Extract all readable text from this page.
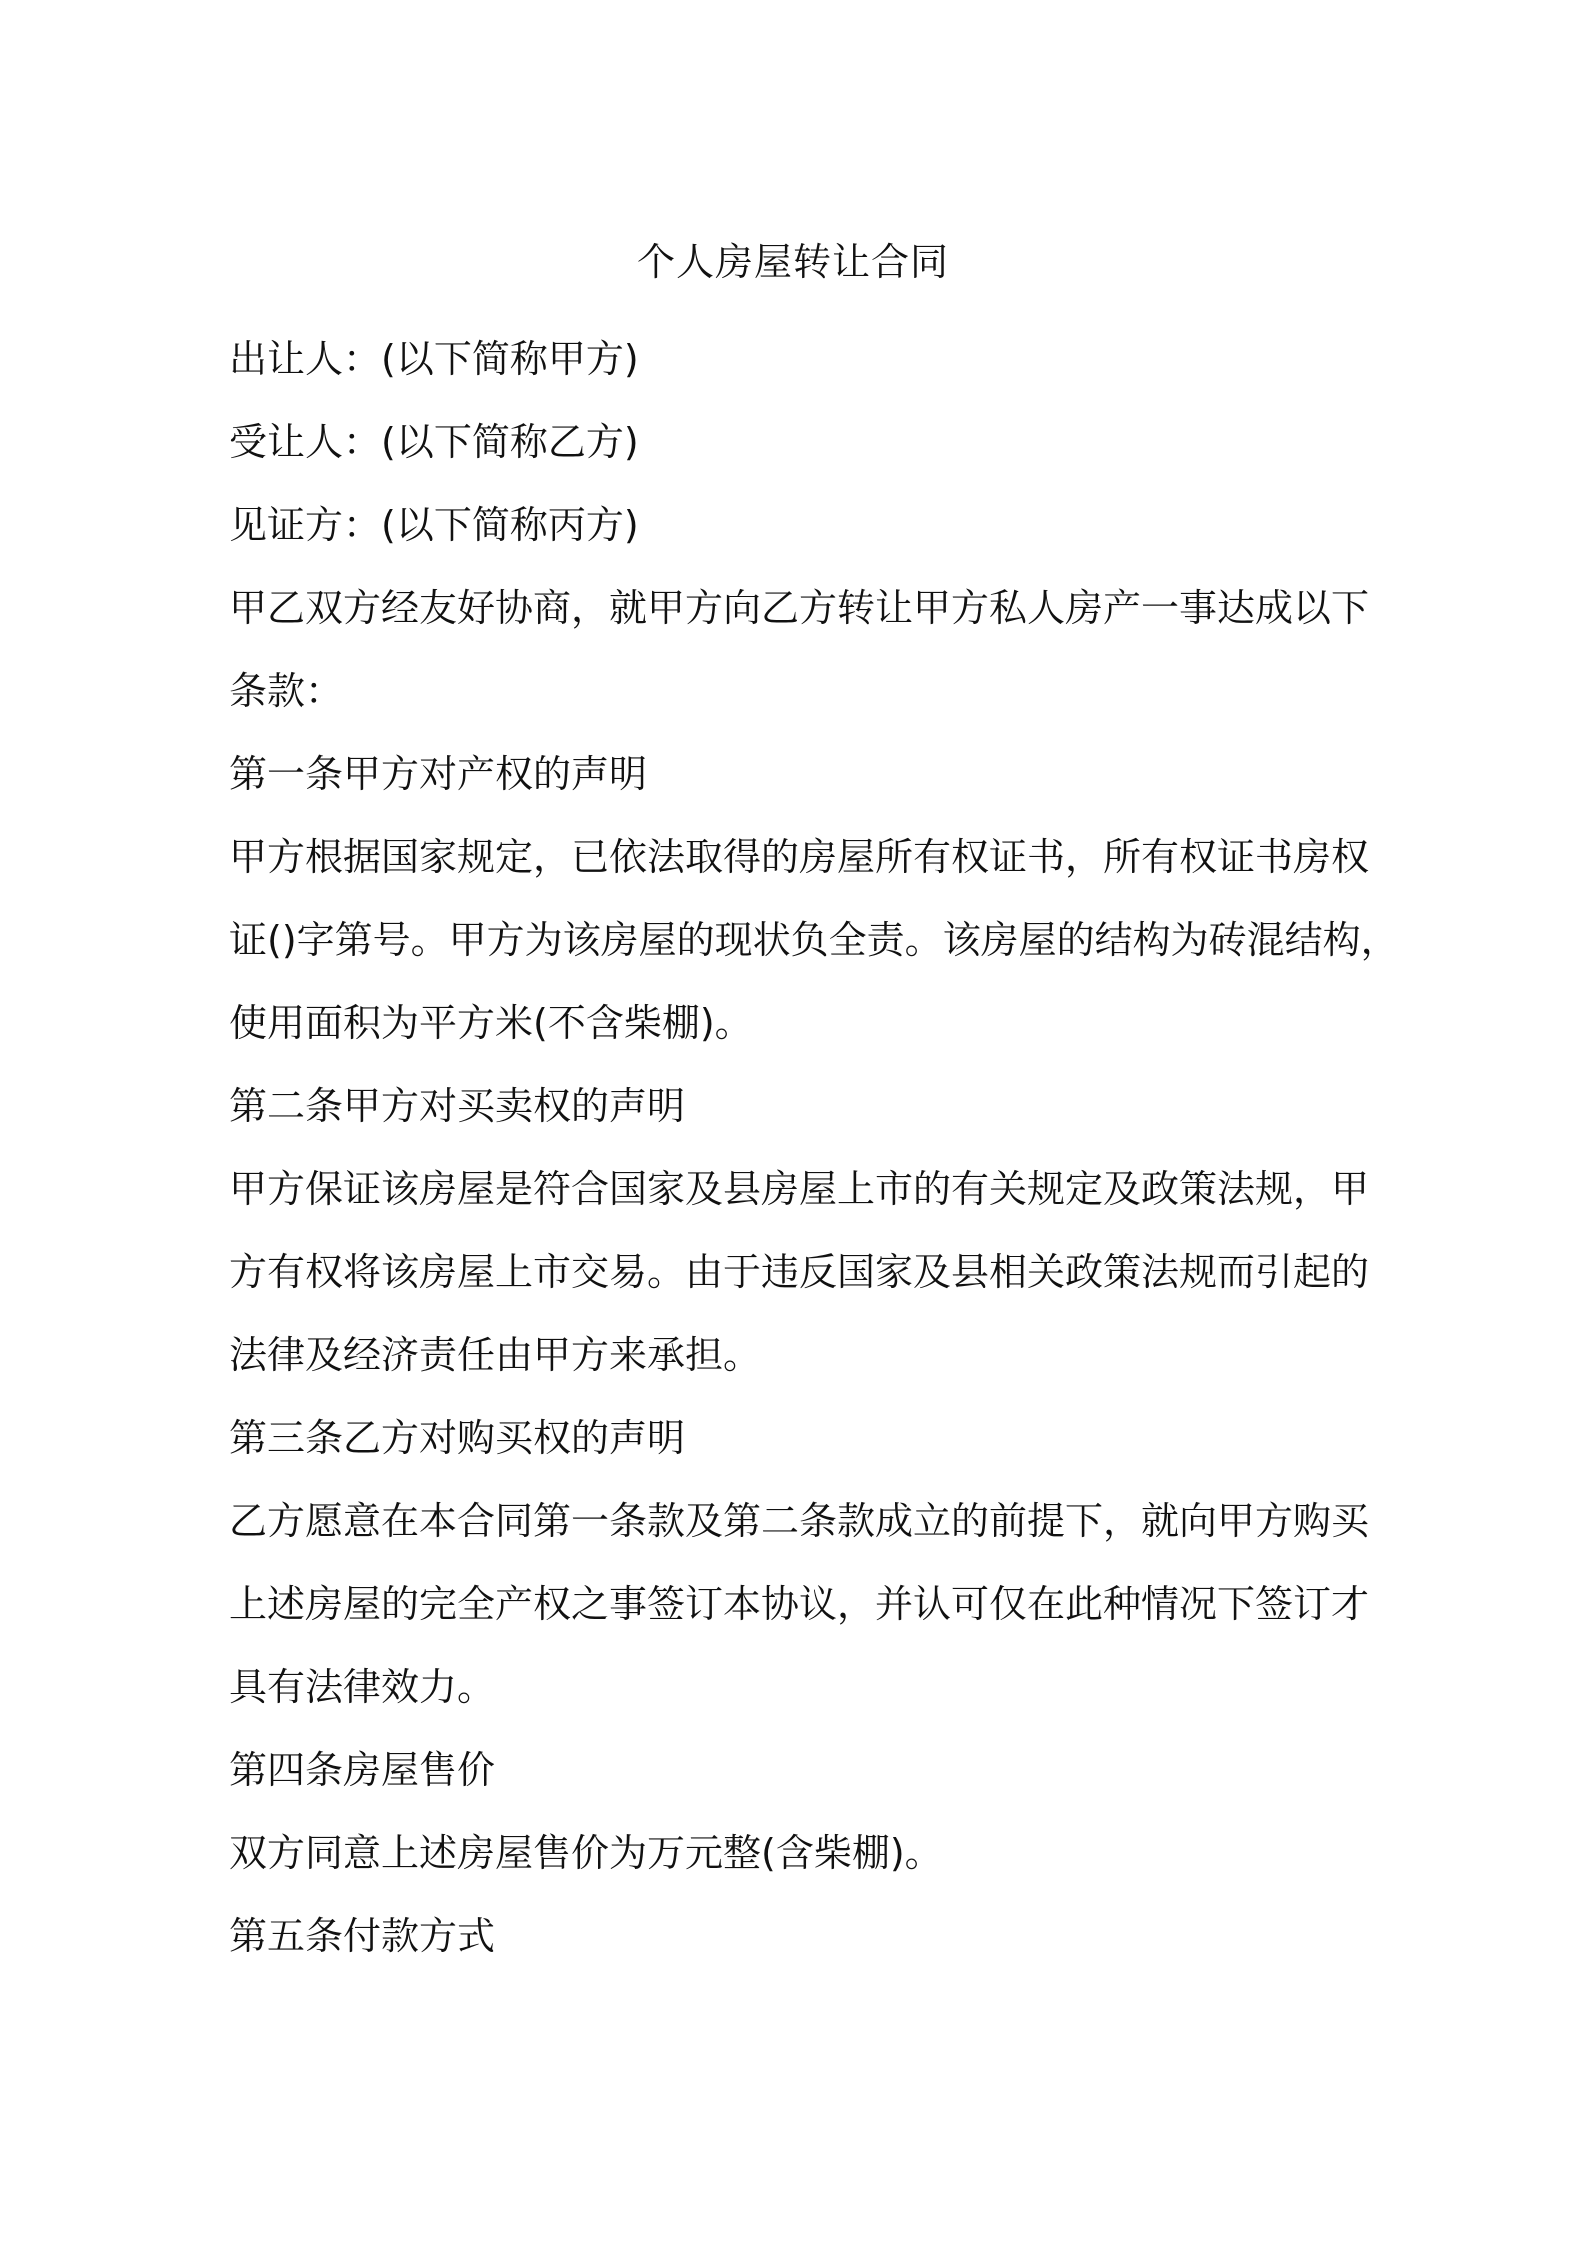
个人房屋转让合同
出让人：(以下简称甲方)
受让人：(以下简称乙方)
见证方：(以下简称丙方)
甲乙双方经友好协商，就甲方向乙方转让甲方私人房产一事达成以下
条款：
第一条甲方对产权的声明
甲方根据国家规定，已依法取得的房屋所有权证书，所有权证书房权
证()字第号。甲方为该房屋的现状负全责。该房屋的结构为砖混结构，
使用面积为平方米(不含柴棚)。
第二条甲方对买卖权的声明
甲方保证该房屋是符合国家及县房屋上市的有关规定及政策法规，甲
方有权将该房屋上市交易。由于违反国家及县相关政策法规而引起的
法律及经济责任由甲方来承担。
第三条乙方对购买权的声明
乙方愿意在本合同第一条款及第二条款成立的前提下，就向甲方购买
上述房屋的完全产权之事签订本协议，并认可仅在此种情况下签订才
具有法律效力。
第四条房屋售价
双方同意上述房屋售价为万元整(含柴棚)。
第五条付款方式
